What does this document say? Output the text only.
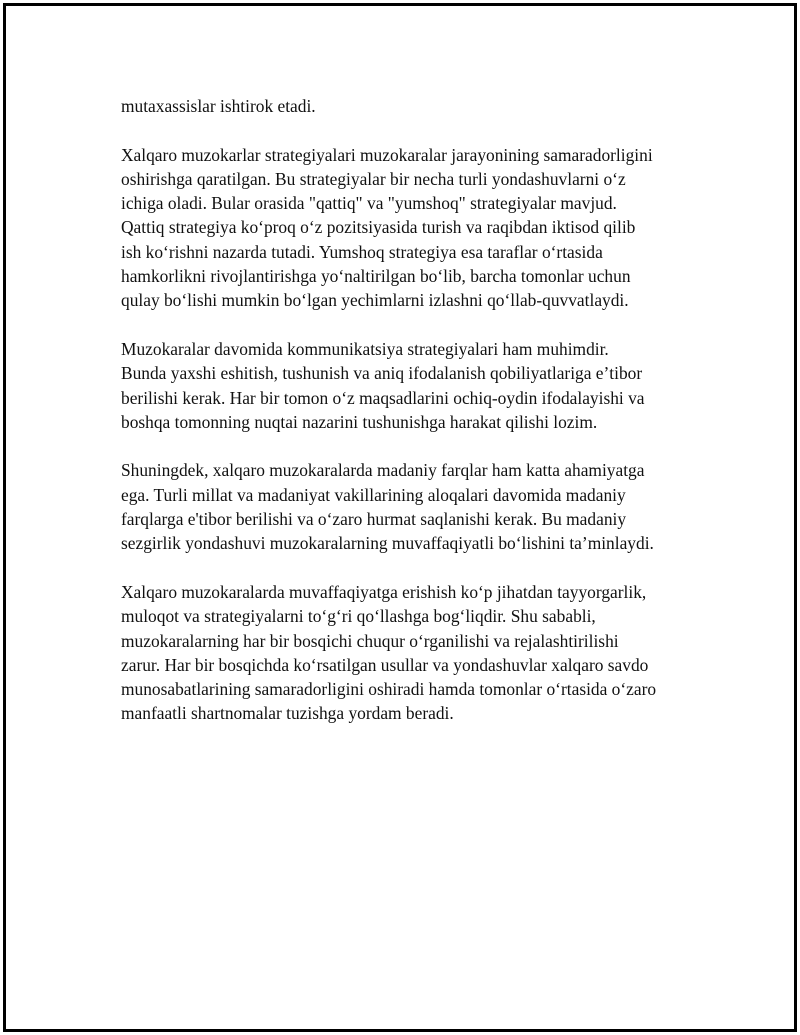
mutaxassislar ishtirok etadi.

Xalqaro muzokarlar strategiyalari muzokaralar jarayonining samaradorligini
oshirishga qaratilgan. Bu strategiyalar bir necha turli yondashuvlarni oʻz
ichiga oladi. Bular orasida "qattiq" va "yumshoq" strategiyalar mavjud.
Qattiq strategiya koʻproq oʻz pozitsiyasida turish va raqibdan iktisod qilib
ish koʻrishni nazarda tutadi. Yumshoq strategiya esa taraflar oʻrtasida
hamkorlikni rivojlantirishga yoʻnaltirilgan boʻlib, barcha tomonlar uchun
qulay boʻlishi mumkin boʻlgan yechimlarni izlashni qoʻllab-quvvatlaydi.

Muzokaralar davomida kommunikatsiya strategiyalari ham muhimdir.
Bunda yaxshi eshitish, tushunish va aniq ifodalanish qobiliyatlariga eʼtibor
berilishi kerak. Har bir tomon oʻz maqsadlarini ochiq-oydin ifodalayishi va
boshqa tomonning nuqtai nazarini tushunishga harakat qilishi lozim.

Shuningdek, xalqaro muzokaralarda madaniy farqlar ham katta ahamiyatga
ega. Turli millat va madaniyat vakillarining aloqalari davomida madaniy
farqlarga e'tibor berilishi va oʻzaro hurmat saqlanishi kerak. Bu madaniy
sezgirlik yondashuvi muzokaralarning muvaffaqiyatli boʻlishini taʼminlaydi.

Xalqaro muzokaralarda muvaffaqiyatga erishish koʻp jihatdan tayyorgarlik,
muloqot va strategiyalarni toʻgʻri qoʻllashga bogʻliqdir. Shu sababli,
muzokaralarning har bir bosqichi chuqur oʻrganilishi va rejalashtirilishi
zarur. Har bir bosqichda koʻrsatilgan usullar va yondashuvlar xalqaro savdo
munosabatlarining samaradorligini oshiradi hamda tomonlar oʻrtasida oʻzaro
manfaatli shartnomalar tuzishga yordam beradi.
